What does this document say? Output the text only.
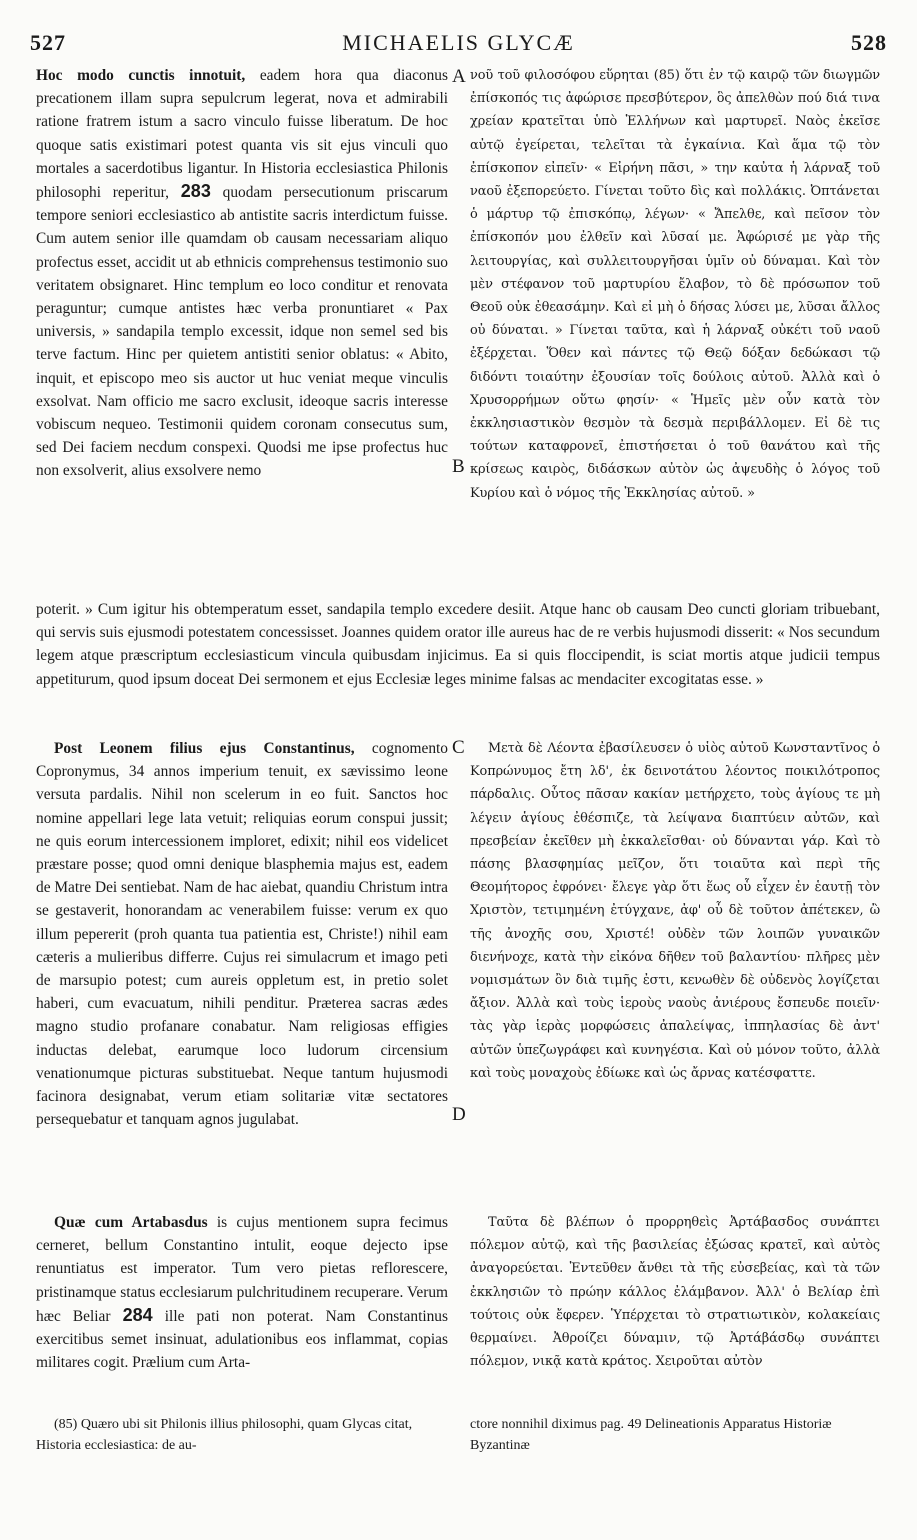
527	MICHAELIS GLYCÆ	528

Hoc modo cunctis innotuit, eadem hora qua diaconus precationem illam supra sepulcrum legerat, nova et admirabili ratione fratrem istum a sacro vinculo fuisse liberatum. De hoc quoque satis existimari potest quanta vis sit ejus vinculi quo mortales a sacerdotibus ligantur. In Historia ecclesiastica Philonis philosophi reperitur, 283 quodam persecutionum priscarum tempore seniori ecclesiastico ab antistite sacris interdictum fuisse. Cum autem senior ille quamdam ob causam necessariam aliquo profectus esset, accidit ut ab ethnicis comprehensus testimonio suo veritatem obsignaret. Hinc templum eo loco conditur et renovata peraguntur; cumque antistes hæc verba pronuntiaret « Pax universis, » sandapila templo excessit, idque non semel sed bis terve factum. Hinc per quietem antistiti senior oblatus: « Abito, inquit, et episcopo meo sis auctor ut huc veniat meque vinculis exsolvat. Nam officio me sacro exclusit, ideoque sacris interesse vobiscum nequeo. Testimonii quidem coronam consecutus sum, sed Dei faciem necdum conspexi. Quodsi me ipse profectus huc non exsolverit, alius exsolvere nemo

νοῦ τοῦ φιλοσόφου εὕρηται (85) ὅτι ἐν τῷ καιρῷ τῶν διωγμῶν ἐπίσκοπός τις ἀφώρισε πρεσβύτερον, ὃς ἀπελθὼν πού διά τινα χρείαν κρατεῖται ὑπὸ Ἑλλήνων καὶ μαρτυρεῖ. Ναὸς ἐκεῖσε αὐτῷ ἐγείρεται, τελεῖται τὰ ἐγκαίνια. Καὶ ἅμα τῷ τὸν ἐπίσκοπον εἰπεῖν· « Εἰρήνη πᾶσι, » την καὐτα ἡ λάρναξ τοῦ ναοῦ ἐξεπορεύετο. Γίνεται τοῦτο δὶς καὶ πολλάκις. Ὀπτάνεται ὁ μάρτυρ τῷ ἐπισκόπῳ, λέγων· « Ἄπελθε, καὶ πεῖσον τὸν ἐπίσκοπόν μου ἐλθεῖν καὶ λῦσαί με. Ἀφώρισέ με γὰρ τῆς λειτουργίας, καὶ συλλειτουργῆσαι ὑμῖν οὐ δύναμαι. Καὶ τὸν μὲν στέφανον τοῦ μαρτυρίου ἔλαβον, τὸ δὲ πρόσωπον τοῦ Θεοῦ οὐκ ἐθεασάμην. Καὶ εἰ μὴ ὁ δήσας λύσει με, λῦσαι ἄλλος οὐ δύναται. » Γίνεται ταῦτα, καὶ ἡ λάρναξ οὐκέτι τοῦ ναοῦ ἐξέρχεται. Ὅθεν καὶ πάντες τῷ Θεῷ δόξαν δεδώκασι τῷ διδόντι τοιαύτην ἐξουσίαν τοῖς δούλοις αὐτοῦ. Ἀλλὰ καὶ ὁ Χρυσορρήμων οὕτω φησίν· « Ἡμεῖς μὲν οὖν κατὰ τὸν ἐκκλησιαστικὸν θεσμὸν τὰ δεσμὰ περιβάλλομεν. Εἰ δὲ τις τούτων καταφρονεῖ, ἐπιστήσεται ὁ τοῦ θανάτου καὶ τῆς κρίσεως καιρὸς, διδάσκων αὐτὸν ὡς ἀψευδὴς ὁ λόγος τοῦ Κυρίου καὶ ὁ νόμος τῆς Ἐκκλησίας αὐτοῦ. »

poterit. » Cum igitur his obtemperatum esset, sandapila templo excedere desiit. Atque hanc ob causam Deo cuncti gloriam tribuebant, qui servis suis ejusmodi potestatem concessisset. Joannes quidem orator ille aureus hac de re verbis hujusmodi disserit: « Nos secundum legem atque præscriptum ecclesiasticum vincula quibusdam injicimus. Ea si quis floccipendit, is sciat mortis atque judicii tempus appetiturum, quod ipsum doceat Dei sermonem et ejus Ecclesiæ leges minime falsas ac mendaciter excogitatas esse. »

Post Leonem filius ejus Constantinus, cognomento Copronymus, 34 annos imperium tenuit, ex sævissimo leone versuta pardalis. Nihil non scelerum in eo fuit. Sanctos hoc nomine appellari lege lata vetuit; reliquias eorum conspui jussit; ne quis eorum intercessionem imploret, edixit; nihil eos videlicet præstare posse; quod omni denique blasphemia majus est, eadem de Matre Dei sentiebat. Nam de hac aiebat, quandiu Christum intra se gestaverit, honorandam ac venerabilem fuisse: verum ex quo illum pepererit (proh quanta tua patientia est, Christe!) nihil eam cæteris a mulieribus differre. Cujus rei simulacrum et imago peti de marsupio potest; cum aureis oppletum est, in pretio solet haberi, cum evacuatum, nihili penditur. Præterea sacras ædes magno studio profanare conabatur. Nam religiosas effigies inductas delebat, earumque loco ludorum circensium venationumque picturas substituebat. Neque tantum hujusmodi facinora designabat, verum etiam solitariæ vitæ sectatores persequebatur et tanquam agnos jugulabat.

Μετὰ δὲ Λέοντα ἐβασίλευσεν ὁ υἱὸς αὐτοῦ Κωνσταντῖνος ὁ Κοπρώνυμος ἔτη λδ', ἐκ δεινοτάτου λέοντος ποικιλότροπος πάρδαλις. Οὗτος πᾶσαν κακίαν μετήρχετο, τοὺς ἁγίους τε μὴ λέγειν ἁγίους ἐθέσπιζε, τὰ λείψανα διαπτύειν αὐτῶν, καὶ πρεσβείαν ἐκεῖθεν μὴ ἐκκαλεῖσθαι· οὐ δύνανται γάρ. Καὶ τὸ πάσης βλασφημίας μεῖζον, ὅτι τοιαῦτα καὶ περὶ τῆς Θεομήτορος ἐφρόνει· ἔλεγε γὰρ ὅτι ἕως οὗ εἶχεν ἐν ἑαυτῇ τὸν Χριστὸν, τετιμημένη ἐτύγχανε, ἀφ' οὗ δὲ τοῦτον ἀπέτεκεν, ὢ τῆς ἀνοχῆς σου, Χριστέ! οὐδὲν τῶν λοιπῶν γυναικῶν διενήνοχε, κατὰ τὴν εἰκόνα δῆθεν τοῦ βαλαντίου· πλῆρες μὲν νομισμάτων ὂν διὰ τιμῆς ἐστι, κενωθὲν δὲ οὐδενὸς λογίζεται ἄξιον. Ἀλλὰ καὶ τοὺς ἱεροὺς ναοὺς ἀνιέρους ἔσπευδε ποιεῖν· τὰς γὰρ ἱερὰς μορφώσεις ἀπαλείψας, ἱππηλασίας δὲ ἀντ' αὐτῶν ὑπεζωγράφει καὶ κυνηγέσια. Καὶ οὐ μόνον τοῦτο, ἀλλὰ καὶ τοὺς μοναχοὺς ἐδίωκε καὶ ὡς ἄρνας κατέσφαττε.

Quæ cum Artabasdus is cujus mentionem supra fecimus cerneret, bellum Constantino intulit, eoque dejecto ipse renuntiatus est imperator. Tum vero pietas reflorescere, pristinamque status ecclesiarum pulchritudinem recuperare. Verum hæc Beliar 284 ille pati non poterat. Nam Constantinus exercitibus semet insinuat, adulationibus eos inflammat, copias militares cogit. Prælium cum Arta-

Ταῦτα δὲ βλέπων ὁ προρρηθεὶς Ἀρτάβασδος συνάπτει πόλεμον αὐτῷ, καὶ τῆς βασιλείας ἐξώσας κρατεῖ, καὶ αὐτὸς ἀναγορεύεται. Ἐντεῦθεν ἄνθει τὰ τῆς εὐσεβείας, καὶ τὰ τῶν ἐκκλησιῶν τὸ πρώην κάλλος ἐλάμβανον. Ἀλλ' ὁ Βελίαρ ἐπὶ τούτοις οὐκ ἔφερεν. Ὑπέρχεται τὸ στρατιωτικὸν, κολακείαις θερμαίνει. Ἀθροίζει δύναμιν, τῷ Ἀρτάβάσδῳ συνάπτει πόλεμον, νικᾷ κατὰ κράτος. Χειροῦται αὐτὸν

(85) Quæro ubi sit Philonis illius philosophi, quam Glycas citat, Historia ecclesiastica: de au-

ctore nonnihil diximus pag. 49 Delineationis Apparatus Historiæ Byzantinæ

A
B
C
D
